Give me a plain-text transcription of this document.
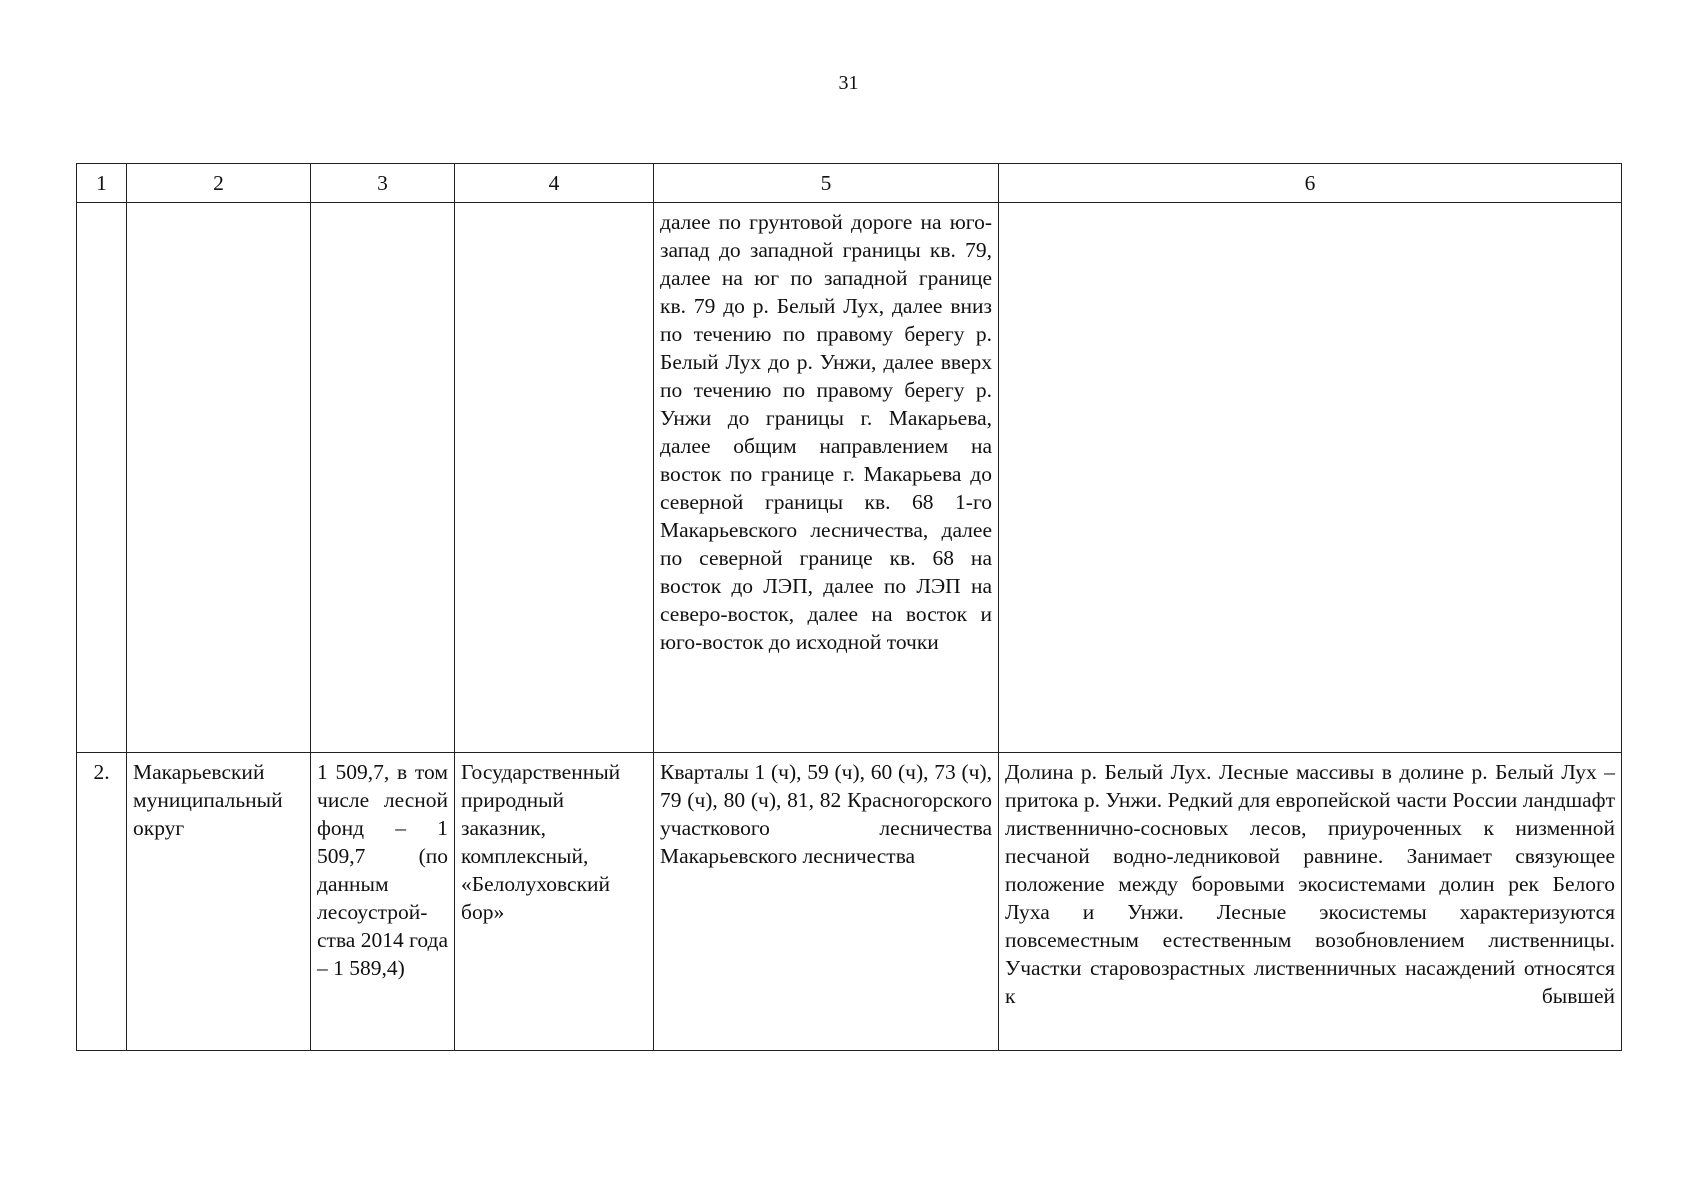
31
1	2	3	4	5	6
				далее по грунтовой дороге на юго-запад до западной границы кв. 79, далее на юг по западной границе кв. 79 до р. Белый Лух, далее вниз по течению по правому берегу р. Белый Лух до р. Унжи, далее вверх по течению по правому берегу р. Унжи до границы г. Макарьева, далее общим направлением на восток по границе г. Макарьева до северной границы кв. 68 1-го Макарьевского лесничества, далее по северной границе кв. 68 на восток до ЛЭП, далее по ЛЭП на северо-восток, далее на восток и юго-восток до исходной точки	
2.	Макарьевский муниципальный округ	1 509,7, в том числе лесной фонд – 1 509,7 (по данным лесоустрой-ства 2014 года – 1 589,4)	Государственный природный заказник, комплексный, «Белолуховский бор»	Кварталы 1 (ч), 59 (ч), 60 (ч), 73 (ч), 79 (ч), 80 (ч), 81, 82 Красногорского участкового лесничества Макарьевского лесничества	Долина р. Белый Лух. Лесные массивы в долине р. Белый Лух – притока р. Унжи. Редкий для европейской части России ландшафт лиственнично-сосновых лесов, приуроченных к низменной песчаной водно-ледниковой равнине. Занимает связующее положение между боровыми экосистемами долин рек Белого Луха и Унжи. Лесные экосистемы характеризуются повсеместным естественным возобновлением лиственницы. Участки старовозрастных лиственничных насаждений относятся к бывшей
